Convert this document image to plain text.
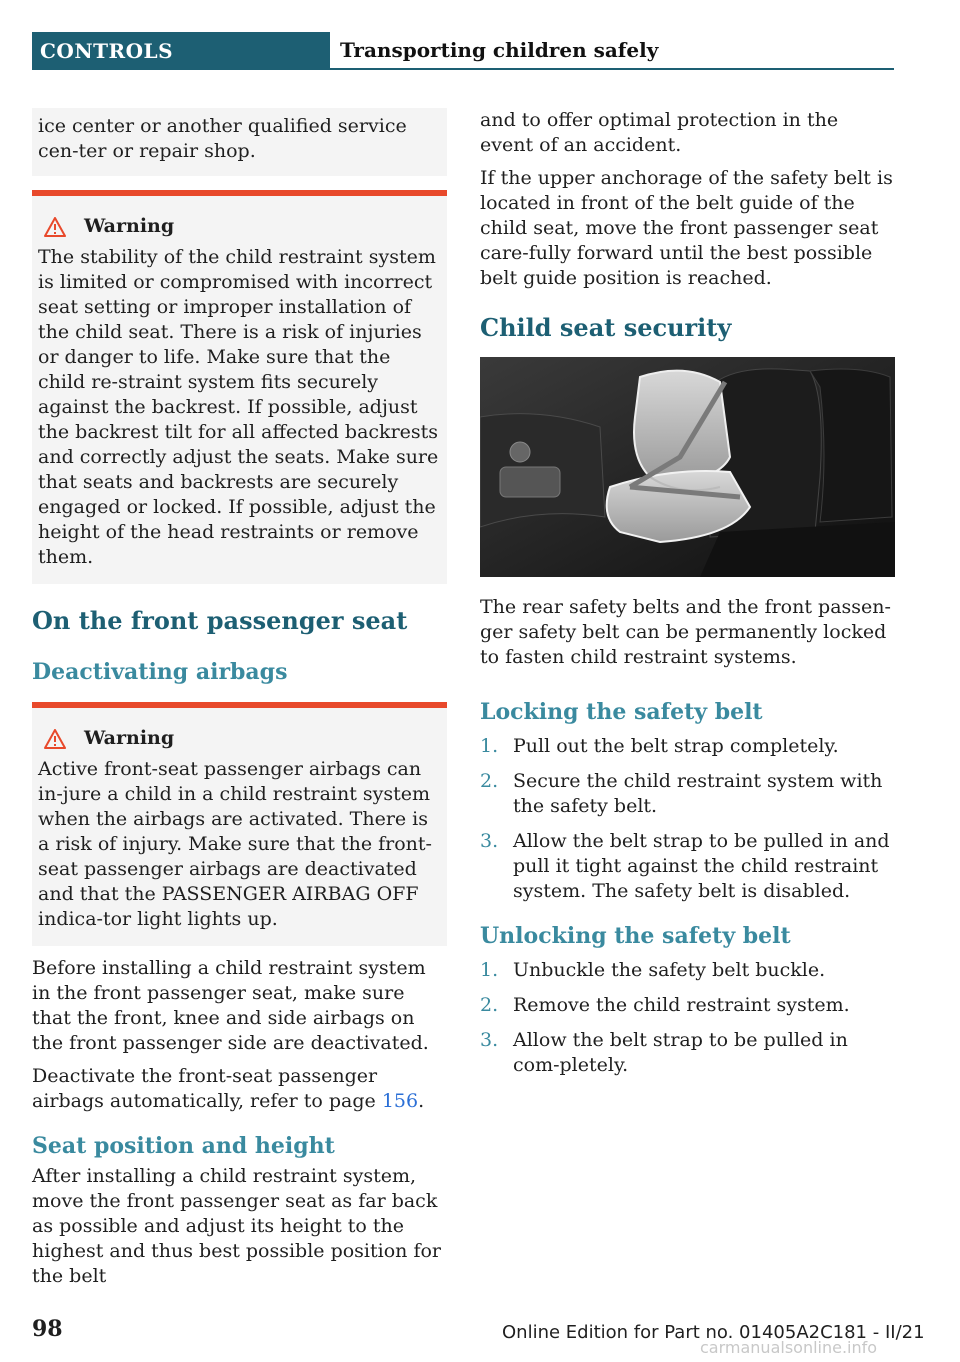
CONTROLS	Transporting children safely

ice center or another qualified service cen-ter or repair shop.

Warning

The stability of the child restraint system is limited or compromised with incorrect seat setting or improper installation of the child seat. There is a risk of injuries or danger to life. Make sure that the child re-straint system fits securely against the backrest. If possible, adjust the backrest tilt for all affected backrests and correctly adjust the seats. Make sure that seats and backrests are securely engaged or locked. If possible, adjust the height of the head restraints or remove them.

On the front passenger seat
Deactivating airbags
Warning

Active front-seat passenger airbags can in-jure a child in a child restraint system when the airbags are activated. There is a risk of injury. Make sure that the front-seat passenger airbags are deactivated and that the PASSENGER AIRBAG OFF indica-tor light lights up.

Before installing a child restraint system in the front passenger seat, make sure that the front, knee and side airbags on the front passenger side are deactivated.

Deactivate the front-seat passenger airbags automatically, refer to page 156.

Seat position and height

After installing a child restraint system, move the front passenger seat as far back as possible and adjust its height to the highest and thus best possible position for the belt

and to offer optimal protection in the event of an accident.

If the upper anchorage of the safety belt is located in front of the belt guide of the child seat, move the front passenger seat care-fully forward until the best possible belt guide position is reached.

Child seat security

The rear safety belts and the front passen-ger safety belt can be permanently locked to fasten child restraint systems.

Locking the safety belt
1. Pull out the belt strap completely.
2. Secure the child restraint system with the safety belt.
3. Allow the belt strap to be pulled in and pull it tight against the child restraint system. The safety belt is disabled.
Unlocking the safety belt
1. Unbuckle the safety belt buckle.
2. Remove the child restraint system.
3. Allow the belt strap to be pulled in com-pletely.
98	Online Edition for Part no. 01405A2C181 - II/21
carmanualsonline.info
